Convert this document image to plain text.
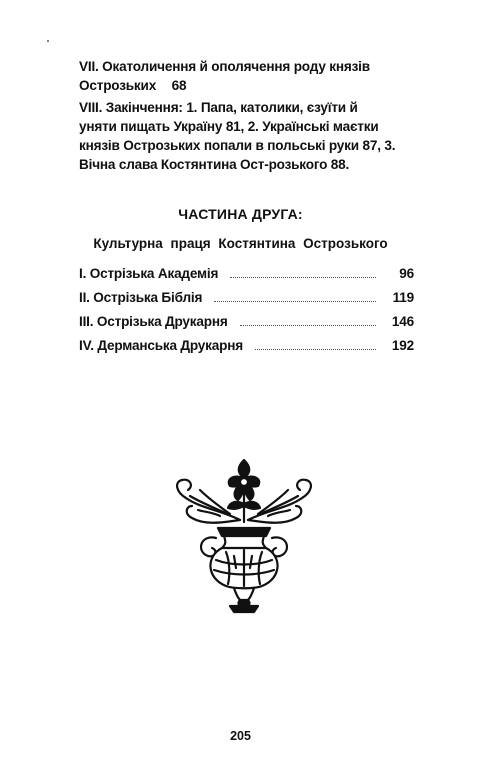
VII. Окатоличення й ополячення роду князів
Острозьких 68
VIII. Закінчення: 1. Папа, католики, єзуїти й
уняти пищать Україну 81, 2. Українські маєтки
князів Острозьких попали в польські руки 87, 3.
Вічна слава Костянтина Ост-розького 88.
ЧАСТИНА ДРУГА:
Культурна праця Костянтина Острозького
І. Острізька Академія	96
ІІ. Острізька Біблія	119
ІІІ. Острізька Друкарня	146
ІV. Дерманська Друкарня	192
205
